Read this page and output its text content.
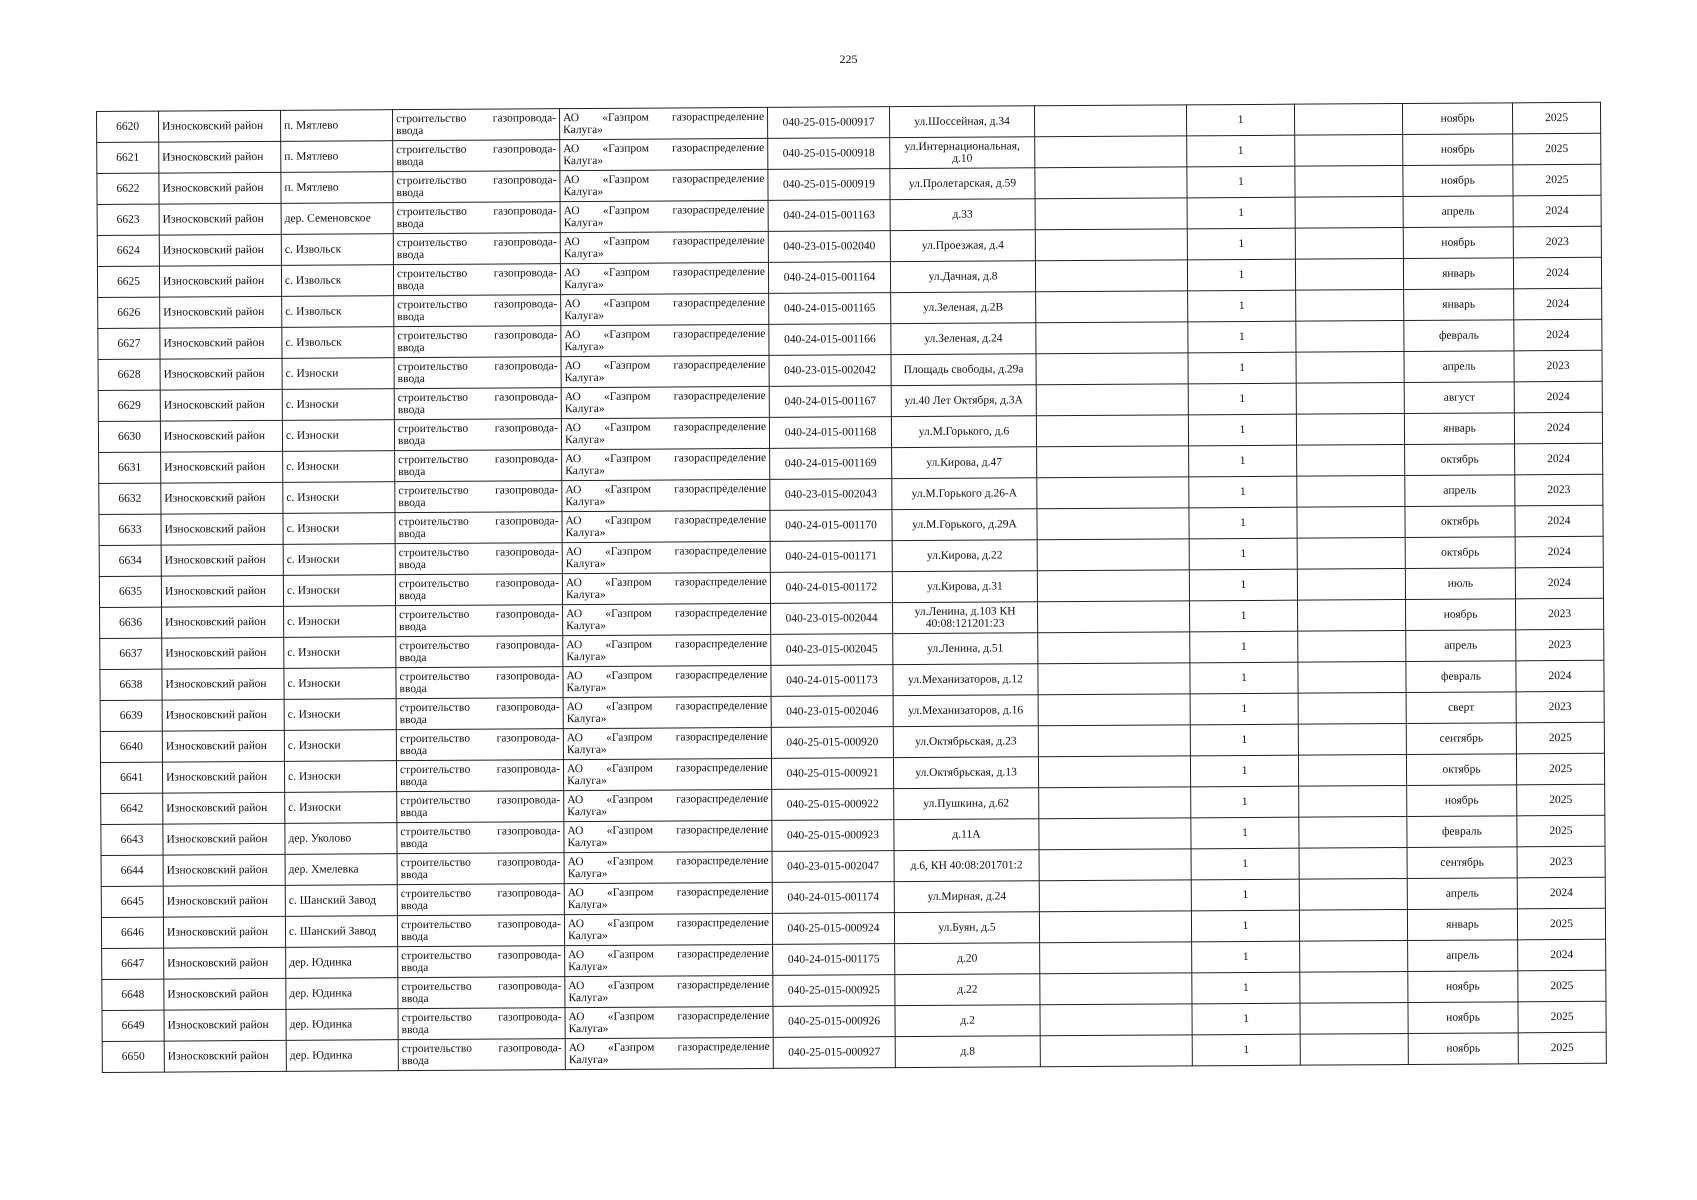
225
6620	Износковский район	п. Мятлево	строительство газопровода-ввода	АО «Газпром газораспределение Калуга»	040-25-015-000917	ул.Шоссейная, д.34		1		ноябрь	2025
6621	Износковский район	п. Мятлево	строительство газопровода-ввода	АО «Газпром газораспределение Калуга»	040-25-015-000918	ул.Интернациональная, д.10		1		ноябрь	2025
6622	Износковский район	п. Мятлево	строительство газопровода-ввода	АО «Газпром газораспределение Калуга»	040-25-015-000919	ул.Пролетарская, д.59		1		ноябрь	2025
6623	Износковский район	дер. Семеновское	строительство газопровода-ввода	АО «Газпром газораспределение Калуга»	040-24-015-001163	д.33		1		апрель	2024
6624	Износковский район	с. Извольск	строительство газопровода-ввода	АО «Газпром газораспределение Калуга»	040-23-015-002040	ул.Проезжая, д.4		1		ноябрь	2023
6625	Износковский район	с. Извольск	строительство газопровода-ввода	АО «Газпром газораспределение Калуга»	040-24-015-001164	ул.Дачная, д.8		1		январь	2024
6626	Износковский район	с. Извольск	строительство газопровода-ввода	АО «Газпром газораспределение Калуга»	040-24-015-001165	ул.Зеленая, д.2В		1		январь	2024
6627	Износковский район	с. Извольск	строительство газопровода-ввода	АО «Газпром газораспределение Калуга»	040-24-015-001166	ул.Зеленая, д.24		1		февраль	2024
6628	Износковский район	с. Износки	строительство газопровода-ввода	АО «Газпром газораспределение Калуга»	040-23-015-002042	Площадь свободы, д.29а		1		апрель	2023
6629	Износковский район	с. Износки	строительство газопровода-ввода	АО «Газпром газораспределение Калуга»	040-24-015-001167	ул.40 Лет Октября, д.3А		1		август	2024
6630	Износковский район	с. Износки	строительство газопровода-ввода	АО «Газпром газораспределение Калуга»	040-24-015-001168	ул.М.Горького, д.6		1		январь	2024
6631	Износковский район	с. Износки	строительство газопровода-ввода	АО «Газпром газораспределение Калуга»	040-24-015-001169	ул.Кирова, д.47		1		октябрь	2024
6632	Износковский район	с. Износки	строительство газопровода-ввода	АО «Газпром газораспределение Калуга»	040-23-015-002043	ул.М.Горького д.26-А		1		апрель	2023
6633	Износковский район	с. Износки	строительство газопровода-ввода	АО «Газпром газораспределение Калуга»	040-24-015-001170	ул.М.Горького, д.29А		1		октябрь	2024
6634	Износковский район	с. Износки	строительство газопровода-ввода	АО «Газпром газораспределение Калуга»	040-24-015-001171	ул.Кирова, д.22		1		октябрь	2024
6635	Износковский район	с. Износки	строительство газопровода-ввода	АО «Газпром газораспределение Калуга»	040-24-015-001172	ул.Кирова, д.31		1		июль	2024
6636	Износковский район	с. Износки	строительство газопровода-ввода	АО «Газпром газораспределение Калуга»	040-23-015-002044	ул.Ленина, д.103 КН 40:08:121201:23		1		ноябрь	2023
6637	Износковский район	с. Износки	строительство газопровода-ввода	АО «Газпром газораспределение Калуга»	040-23-015-002045	ул.Ленина, д.51		1		апрель	2023
6638	Износковский район	с. Износки	строительство газопровода-ввода	АО «Газпром газораспределение Калуга»	040-24-015-001173	ул.Механизаторов, д.12		1		февраль	2024
6639	Износковский район	с. Износки	строительство газопровода-ввода	АО «Газпром газораспределение Калуга»	040-23-015-002046	ул.Механизаторов, д.16		1		сверт	2023
6640	Износковский район	с. Износки	строительство газопровода-ввода	АО «Газпром газораспределение Калуга»	040-25-015-000920	ул.Октябрьская, д.23		1		сентябрь	2025
6641	Износковский район	с. Износки	строительство газопровода-ввода	АО «Газпром газораспределение Калуга»	040-25-015-000921	ул.Октябрьская, д.13		1		октябрь	2025
6642	Износковский район	с. Износки	строительство газопровода-ввода	АО «Газпром газораспределение Калуга»	040-25-015-000922	ул.Пушкина, д.62		1		ноябрь	2025
6643	Износковский район	дер. Уколово	строительство газопровода-ввода	АО «Газпром газораспределение Калуга»	040-25-015-000923	д.11А		1		февраль	2025
6644	Износковский район	дер. Хмелевка	строительство газопровода-ввода	АО «Газпром газораспределение Калуга»	040-23-015-002047	д.6, КН 40:08:201701:2		1		сентябрь	2023
6645	Износковский район	с. Шанский Завод	строительство газопровода-ввода	АО «Газпром газораспределение Калуга»	040-24-015-001174	ул.Мирная, д.24		1		апрель	2024
6646	Износковский район	с. Шанский Завод	строительство газопровода-ввода	АО «Газпром газораспределение Калуга»	040-25-015-000924	ул.Буян, д.5		1		январь	2025
6647	Износковский район	дер. Юдинка	строительство газопровода-ввода	АО «Газпром газораспределение Калуга»	040-24-015-001175	д.20		1		апрель	2024
6648	Износковский район	дер. Юдинка	строительство газопровода-ввода	АО «Газпром газораспределение Калуга»	040-25-015-000925	д.22		1		ноябрь	2025
6649	Износковский район	дер. Юдинка	строительство газопровода-ввода	АО «Газпром газораспределение Калуга»	040-25-015-000926	д.2		1		ноябрь	2025
6650	Износковский район	дер. Юдинка	строительство газопровода-ввода	АО «Газпром газораспределение Калуга»	040-25-015-000927	д.8		1		ноябрь	2025
